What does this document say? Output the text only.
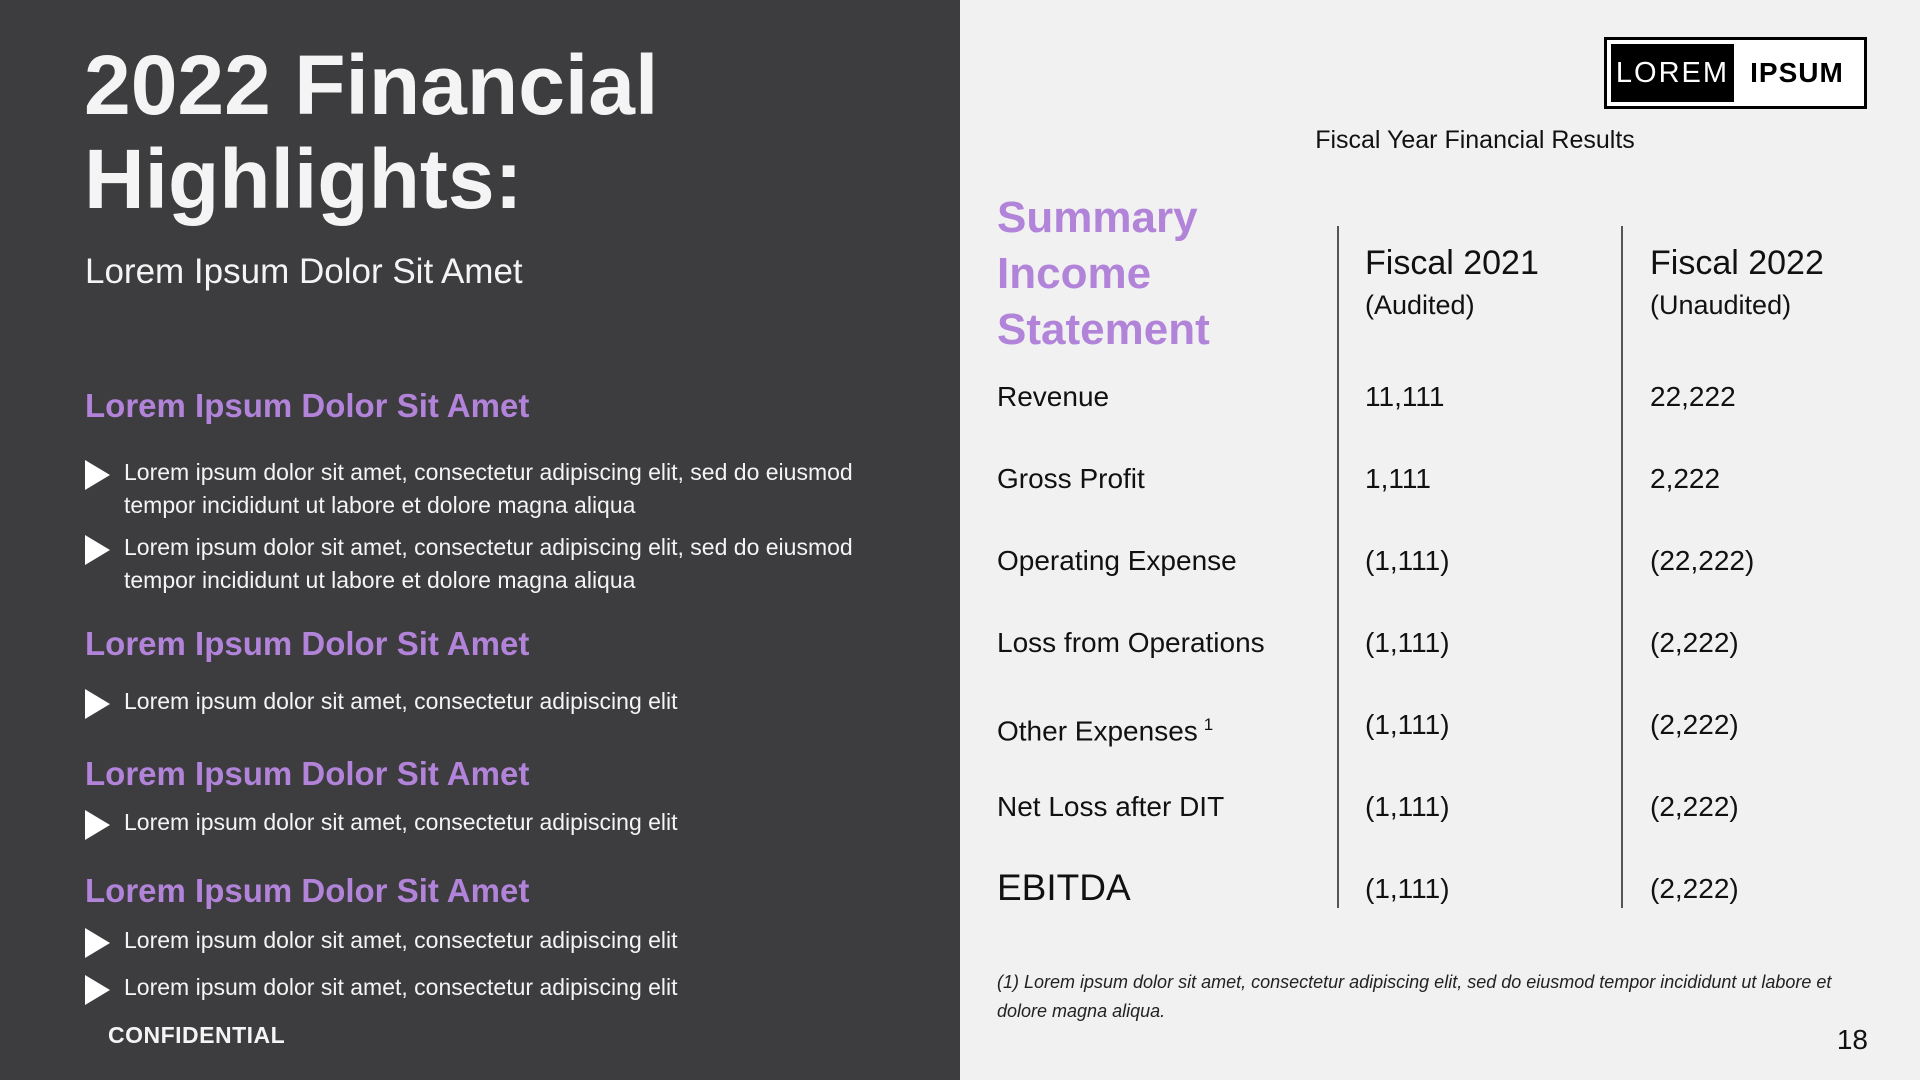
2022 Financial Highlights:
Lorem Ipsum Dolor Sit Amet
Lorem Ipsum Dolor Sit Amet
Lorem ipsum dolor sit amet, consectetur adipiscing elit, sed do eiusmod tempor incididunt ut labore et dolore magna aliqua
Lorem ipsum dolor sit amet, consectetur adipiscing elit, sed do eiusmod tempor incididunt ut labore et dolore magna aliqua
Lorem Ipsum Dolor Sit Amet
Lorem ipsum dolor sit amet, consectetur adipiscing elit
Lorem Ipsum Dolor Sit Amet
Lorem ipsum dolor sit amet, consectetur adipiscing elit
Lorem Ipsum Dolor Sit Amet
Lorem ipsum dolor sit amet, consectetur adipiscing elit
Lorem ipsum dolor sit amet, consectetur adipiscing elit
CONFIDENTIAL
LOREM IPSUM
Fiscal Year Financial Results
Summary Income Statement
Fiscal 2021
(Audited)
Fiscal 2022
(Unaudited)
Revenue	11,111	22,222
Gross Profit	1,111	2,222
Operating Expense	(1,111)	(22,222)
Loss from Operations	(1,111)	(2,222)
Other Expenses $^1$	(1,111)	(2,222)
Net Loss after DIT	(1,111)	(2,222)
EBITDA	(1,111)	(2,222)
(1) Lorem ipsum dolor sit amet, consectetur adipiscing elit, sed do eiusmod tempor incididunt ut labore et dolore magna aliqua.
18
